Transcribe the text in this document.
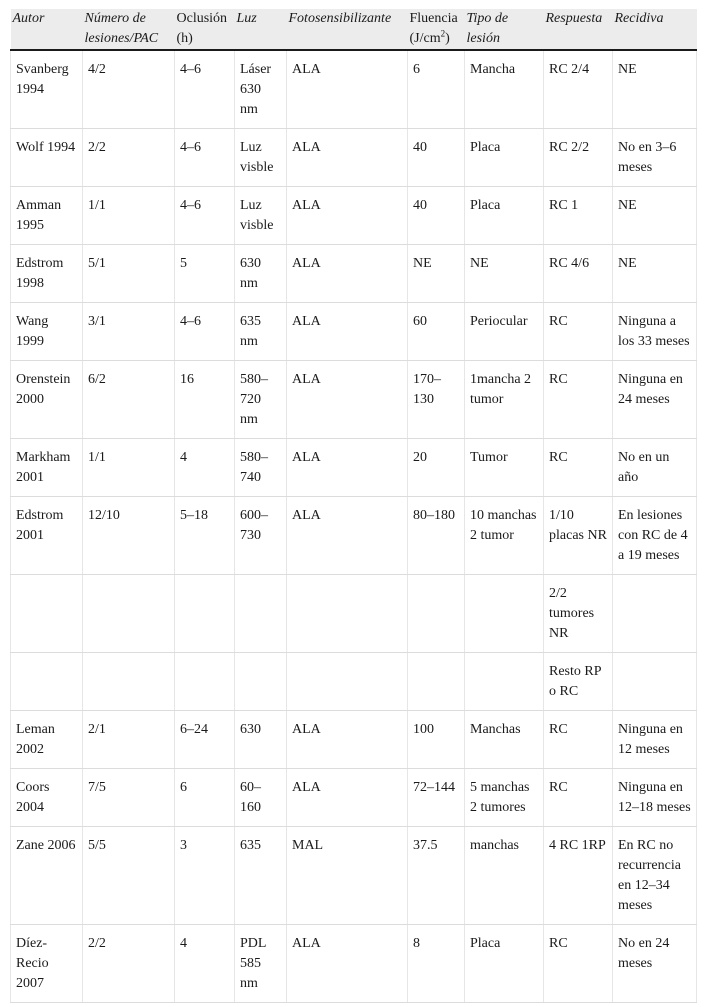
Autor	Número de lesiones/PAC	Oclusión (h)	Luz	Fotosensibilizante	Fluencia $(J/cm^2)$	Tipo de lesión	Respuesta	Recidiva
Svanberg 1994	4/2	4–6	Láser 630 nm	ALA	6	Mancha	RC 2/4	NE
Wolf 1994	2/2	4–6	Luz visble	ALA	40	Placa	RC 2/2	No en 3–6 meses
Amman 1995	1/1	4–6	Luz visble	ALA	40	Placa	RC 1	NE
Edstrom 1998	5/1	5	630 nm	ALA	NE	NE	RC 4/6	NE
Wang 1999	3/1	4–6	635 nm	ALA	60	Periocular	RC	Ninguna a los 33 meses
Orenstein 2000	6/2	16	580–720 nm	ALA	170–130	1mancha 2 tumor	RC	Ninguna en 24 meses
Markham 2001	1/1	4	580–740	ALA	20	Tumor	RC	No en un año
Edstrom 2001	12/10	5–18	600–730	ALA	80–180	10 manchas 2 tumor	1/10 placas NR	En lesiones con RC de 4 a 19 meses
							2/2 tumores NR	
							Resto RP o RC	
Leman 2002	2/1	6–24	630	ALA	100	Manchas	RC	Ninguna en 12 meses
Coors 2004	7/5	6	60–160	ALA	72–144	5 manchas 2 tumores	RC	Ninguna en 12–18 meses
Zane 2006	5/5	3	635	MAL	37.5	manchas	4 RC 1RP	En RC no recurrencia en 12–34 meses
Díez-Recio 2007	2/2	4	PDL 585 nm	ALA	8	Placa	RC	No en 24 meses
